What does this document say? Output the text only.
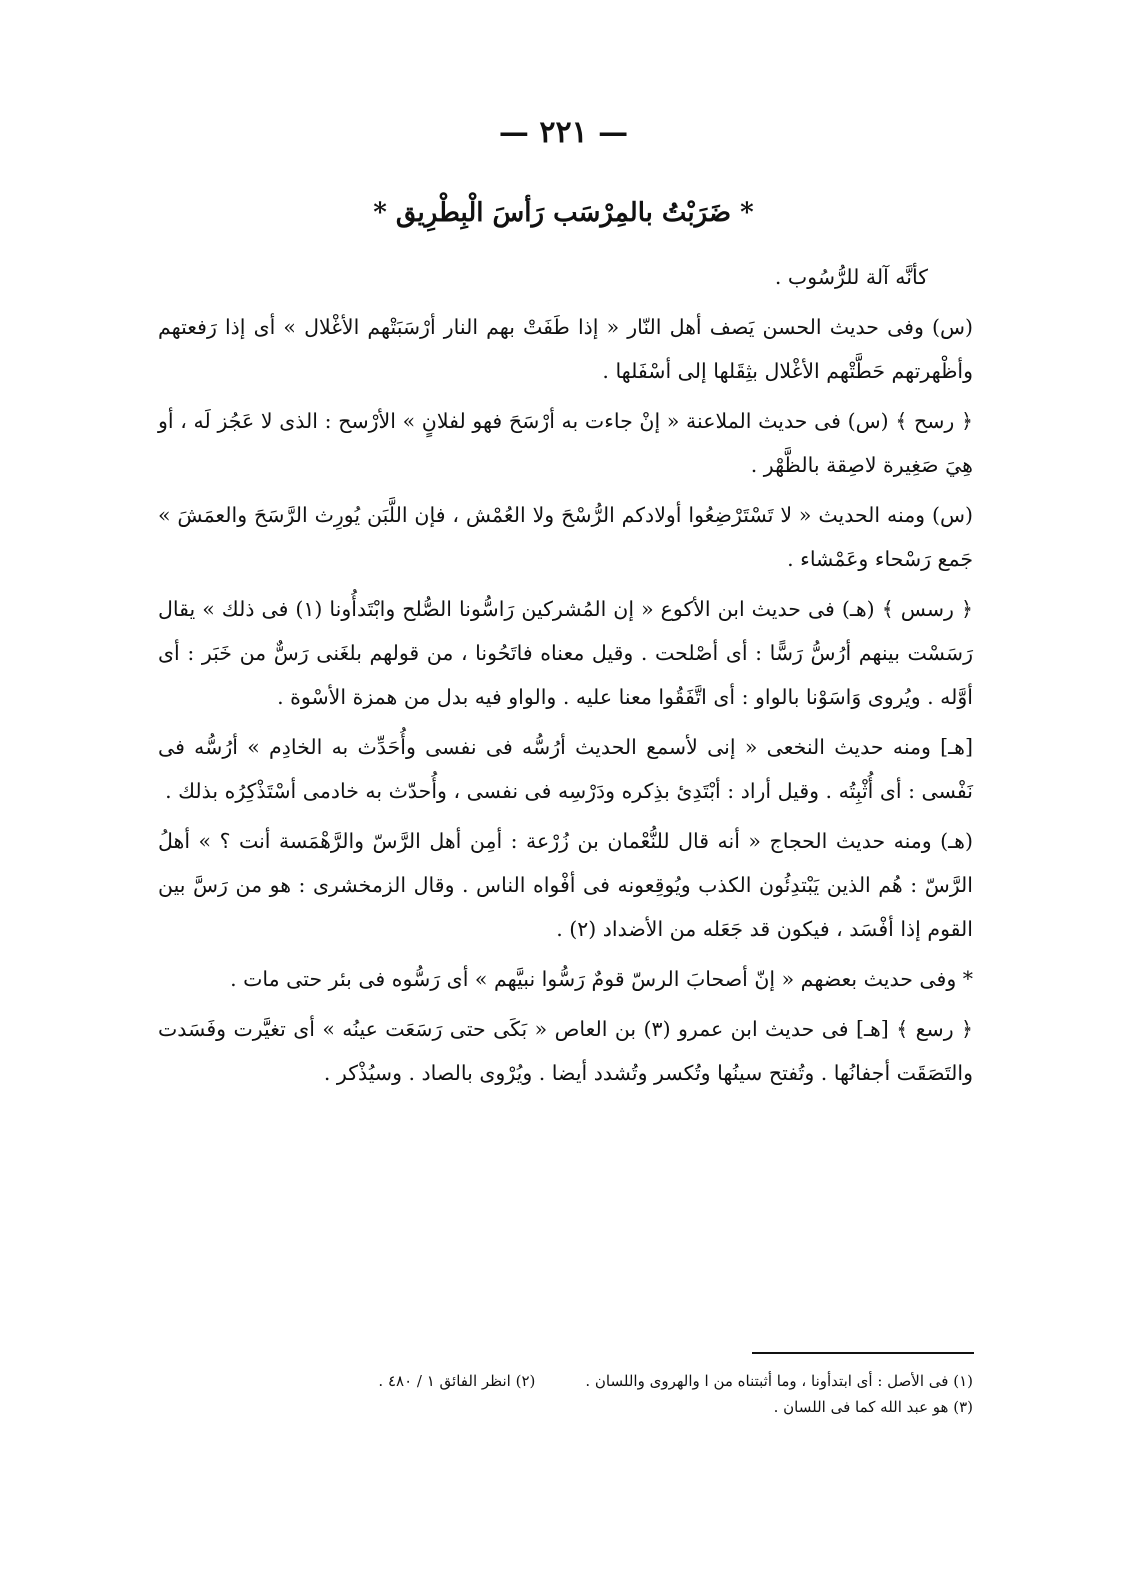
— ٢٢١ —
* ضَرَبْتُ بالمِرْسَب رَأسَ الْبِطْرِيق *

كأنَّه آلة للرُّسُوب .

(س) وفى حديث الحسن يَصف أهل النّار « إذا طَفَتْ بهم النار أرْسَبَتْهم الأغْلال » أى إذا رَفعتهم وأظْهرتهم حَطَّتْهم الأغْلال بثِقَلها إلى أسْفَلها .

﴿ رسح ﴾ (س) فى حديث الملاعنة « إنْ جاءت به أرْسَحَ فهو لفلانٍ » الأرْسح : الذى لا عَجُز لَه ، أو هِيَ صَغِيرة لاصِقة بالظَّهْر .

(س) ومنه الحديث « لا تَسْتَرْضِعُوا أولادكم الرُّسْحَ ولا العُمْش ، فإن اللَّبَن يُورِث الرَّسَحَ والعمَشَ » جَمع رَسْحاء وعَمْشاء .

﴿ رسس ﴾ (هـ) فى حديث ابن الأكوع « إن المُشركين رَاسُّونا الصُّلح وابْتَدأُونا (١) فى ذلك » يقال رَسَسْت بينهم أرُسُّ رَسًّا : أى أصْلحت . وقيل معناه فاتَحُونا ، من قولهم بلغَنى رَسٌّ من خَبَر : أى أوَّله . ويُروى وَاسَوْنا بالواو : أى اتَّفَقُوا معنا عليه . والواو فيه بدل من همزة الأسْوة .

[هـ] ومنه حديث النخعى « إنى لأسمع الحديث أرُسُّه فى نفسى وأُحَدِّث به الخادِم » أرُسُّه فى نَفْسى : أى أُثْبِتُه . وقيل أراد : أبْتَدِئ بذِكره ودَرْسِه فى نفسى ، وأُحدّث به خادمى أسْتَذْكِرُه بذلك .

(هـ) ومنه حديث الحجاج « أنه قال للنُّعْمان بن زُرْعة : أمِن أهل الرَّسّ والرَّهْمَسة أنت ؟ » أهلُ الرَّسّ : هُم الذين يَبْتدِئُون الكذب ويُوقِعونه فى أفْواه الناس . وقال الزمخشرى : هو من رَسَّ بين القوم إذا أفْسَد ، فيكون قد جَعَله من الأضداد (٢) .

* وفى حديث بعضهم « إنّ أصحابَ الرسّ قومٌ رَسُّوا نبيَّهم » أى رَسُّوه فى بئر حتى مات .

﴿ رسع ﴾ [هـ] فى حديث ابن عمرو (٣) بن العاص « بَكَى حتى رَسَعَت عينُه » أى تغيَّرت وفَسَدت والتَصَقَت أجفانُها . وتُفتح سينُها وتُكسر وتُشدد أيضا . ويُرْوى بالصاد . وسيُذْكر .

(١) فى الأصل : أى ابتدأونا ، وما أثبتناه من ا والهروى واللسان .
(٢) انظر الفائق ١ / ٤٨٠ .
(٣) هو عبد الله كما فى اللسان .
